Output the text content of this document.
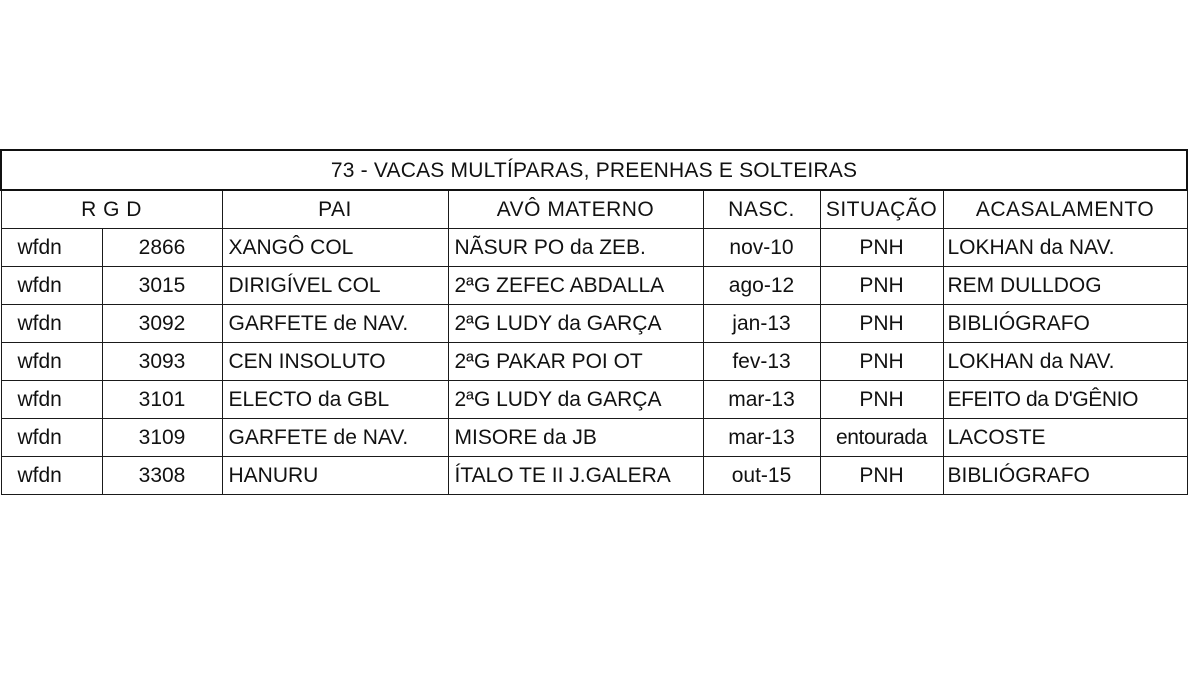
73 - VACAS MULTÍPARAS, PREENHAS E SOLTEIRAS						
R G D		PAI	AVÔ MATERNO	NASC.	SITUAÇÃO	ACASALAMENTO
wfdn	2866	XANGÔ COL	NÃSUR PO da ZEB.	nov-10	PNH	LOKHAN da NAV.
wfdn	3015	DIRIGÍVEL COL	2ªG ZEFEC ABDALLA	ago-12	PNH	REM DULLDOG
wfdn	3092	GARFETE de NAV.	2ªG LUDY da GARÇA	jan-13	PNH	BIBLIÓGRAFO
wfdn	3093	CEN INSOLUTO	2ªG PAKAR POI OT	fev-13	PNH	LOKHAN da NAV.
wfdn	3101	ELECTO da GBL	2ªG LUDY da GARÇA	mar-13	PNH	EFEITO da D'GÊNIO
wfdn	3109	GARFETE de NAV.	MISORE da JB	mar-13	entourada	LACOSTE
wfdn	3308	HANURU	ÍTALO TE II J.GALERA	out-15	PNH	BIBLIÓGRAFO
